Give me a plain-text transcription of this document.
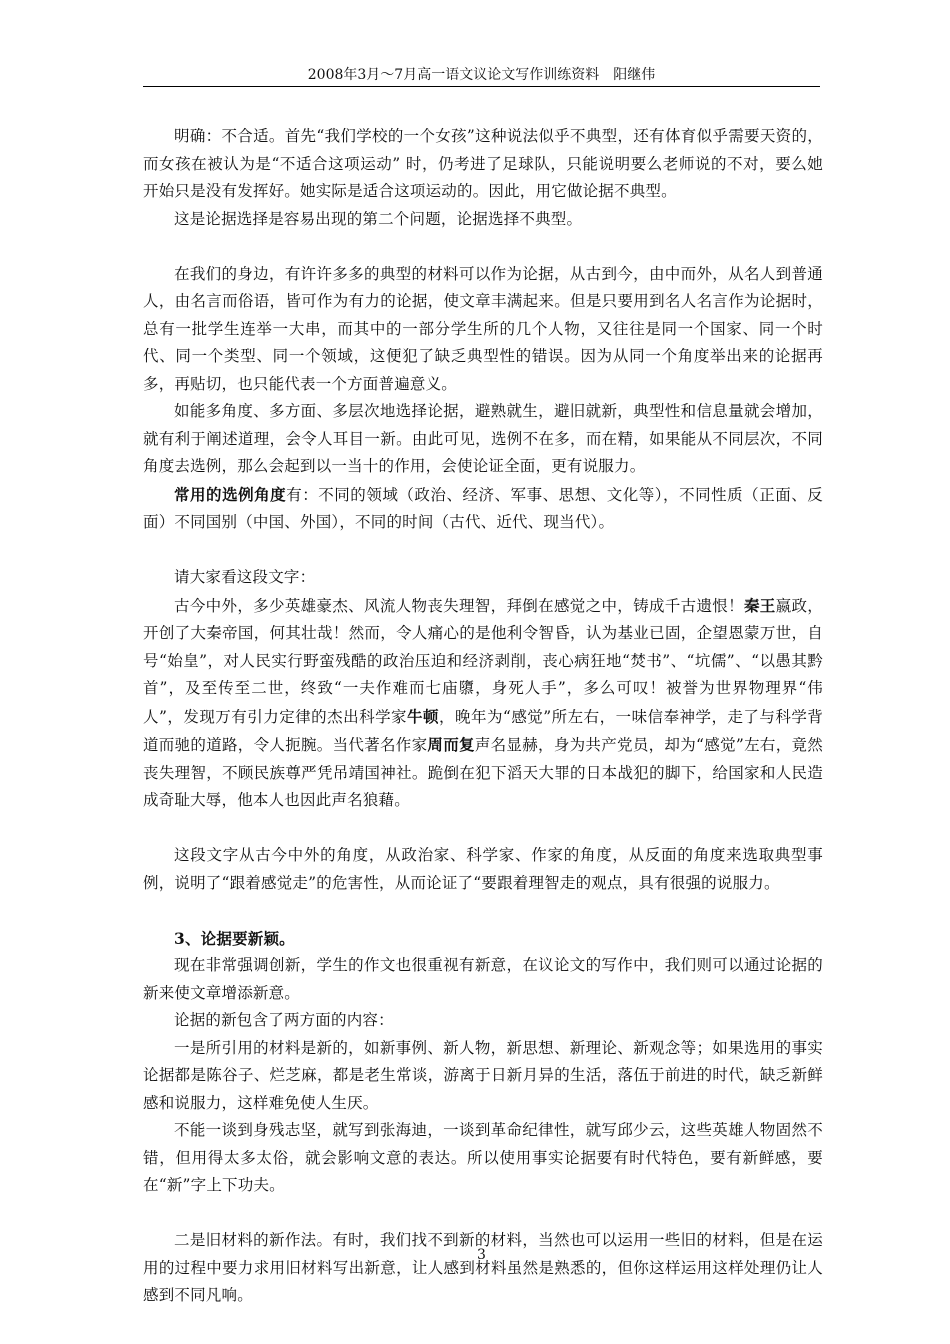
2008年3月～7月高一语文议论文写作训练资料　阳继伟

明确：不合适。首先“我们学校的一个女孩”这种说法似乎不典型，还有体育似乎需要天资的，而女孩在被认为是“不适合这项运动” 时，仍考进了足球队，只能说明要么老师说的不对，要么她开始只是没有发挥好。她实际是适合这项运动的。因此，用它做论据不典型。

这是论据选择是容易出现的第二个问题，论据选择不典型。

在我们的身边，有许许多多的典型的材料可以作为论据，从古到今，由中而外，从名人到普通人，由名言而俗语，皆可作为有力的论据，使文章丰满起来。但是只要用到名人名言作为论据时，总有一批学生连举一大串，而其中的一部分学生所的几个人物，又往往是同一个国家、同一个时代、同一个类型、同一个领域，这便犯了缺乏典型性的错误。因为从同一个角度举出来的论据再多，再贴切，也只能代表一个方面普遍意义。

如能多角度、多方面、多层次地选择论据，避熟就生，避旧就新，典型性和信息量就会增加，就有利于阐述道理，会令人耳目一新。由此可见，选例不在多，而在精，如果能从不同层次，不同角度去选例，那么会起到以一当十的作用，会使论证全面，更有说服力。

常用的选例角度有：不同的领域（政治、经济、军事、思想、文化等），不同性质（正面、反面）不同国别（中国、外国），不同的时间（古代、近代、现当代）。

请大家看这段文字：

古今中外，多少英雄豪杰、风流人物丧失理智，拜倒在感觉之中，铸成千古遗恨！秦王嬴政，开创了大秦帝国，何其壮哉！然而，令人痛心的是他利令智昏，认为基业已固，企望恩蒙万世，自号“始皇”，对人民实行野蛮残酷的政治压迫和经济剥削，丧心病狂地“焚书”、“坑儒”、“以愚其黔首”，及至传至二世，终致“一夫作难而七庙隳，身死人手”，多么可叹！被誉为世界物理界“伟人”，发现万有引力定律的杰出科学家牛顿，晚年为“感觉”所左右，一味信奉神学，走了与科学背道而驰的道路，令人扼腕。当代著名作家周而复声名显赫，身为共产党员，却为“感觉”左右，竟然丧失理智，不顾民族尊严凭吊靖国神社。跪倒在犯下滔天大罪的日本战犯的脚下，给国家和人民造成奇耻大辱，他本人也因此声名狼藉。

这段文字从古今中外的角度，从政治家、科学家、作家的角度，从反面的角度来选取典型事例，说明了“跟着感觉走”的危害性，从而论证了“要跟着理智走的观点，具有很强的说服力。

3、论据要新颖。

现在非常强调创新，学生的作文也很重视有新意，在议论文的写作中，我们则可以通过论据的新来使文章增添新意。

论据的新包含了两方面的内容：

一是所引用的材料是新的，如新事例、新人物，新思想、新理论、新观念等；如果选用的事实论据都是陈谷子、烂芝麻，都是老生常谈，游离于日新月异的生活，落伍于前进的时代，缺乏新鲜感和说服力，这样难免使人生厌。

不能一谈到身残志坚，就写到张海迪，一谈到革命纪律性，就写邱少云，这些英雄人物固然不错，但用得太多太俗，就会影响文意的表达。所以使用事实论据要有时代特色，要有新鲜感，要在“新”字上下功夫。

二是旧材料的新作法。有时，我们找不到新的材料，当然也可以运用一些旧的材料，但是在运用的过程中要力求用旧材料写出新意，让人感到材料虽然是熟悉的，但你这样运用这样处理仍让人感到不同凡响。

3
